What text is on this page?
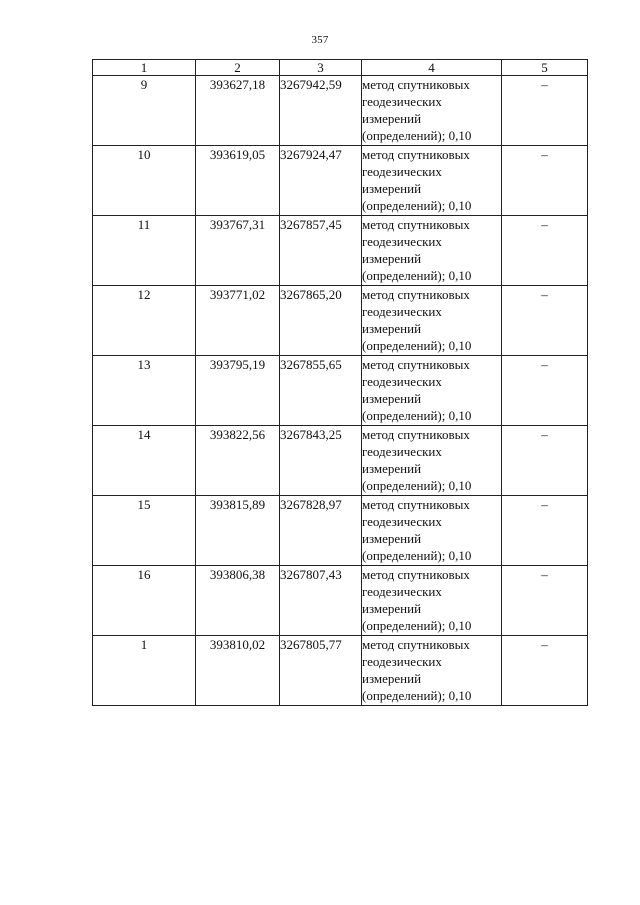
357
1	2	3	4	5
9	393627,18	3267942,59	метод спутниковых
геодезических
измерений
(определений); 0,10	–
10	393619,05	3267924,47	метод спутниковых
геодезических
измерений
(определений); 0,10	–
11	393767,31	3267857,45	метод спутниковых
геодезических
измерений
(определений); 0,10	–
12	393771,02	3267865,20	метод спутниковых
геодезических
измерений
(определений); 0,10	–
13	393795,19	3267855,65	метод спутниковых
геодезических
измерений
(определений); 0,10	–
14	393822,56	3267843,25	метод спутниковых
геодезических
измерений
(определений); 0,10	–
15	393815,89	3267828,97	метод спутниковых
геодезических
измерений
(определений); 0,10	–
16	393806,38	3267807,43	метод спутниковых
геодезических
измерений
(определений); 0,10	–
1	393810,02	3267805,77	метод спутниковых
геодезических
измерений
(определений); 0,10	–
